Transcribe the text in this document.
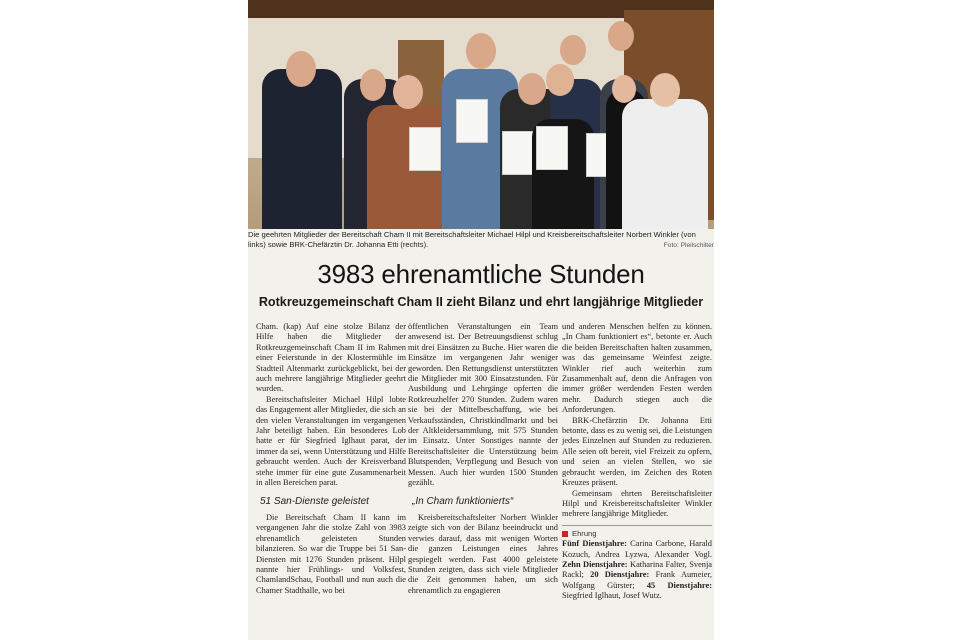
Die geehrten Mitglieder der Bereitschaft Cham II mit Bereitschaftsleiter Michael Hilpl und Kreisbereitschaftsleiter Norbert Winkler (von links) sowie BRK-Chefärztin Dr. Johanna Etti (rechts).	Foto: Pleilschilter
3983 ehrenamtliche Stunden
Rotkreuzgemeinschaft Cham II zieht Bilanz und ehrt langjährige Mitglieder

Cham. (kap) Auf eine stolze Bilanz der Hilfe haben die Mitglieder der Rotkreuzgemeinschaft Cham II im Rahmen einer Feierstunde in der Klostermühle im Stadtteil Altenmarkt zurückgeblickt, bei der auch mehrere langjährige Mitglieder geehrt wurden.

Bereitschaftsleiter Michael Hilpl lobte das Engagement aller Mitglieder, die sich an den vielen Veranstaltungen im vergangenen Jahr beteiligt haben. Ein besonderes Lob hatte er für Siegfried Iglhaut parat, der immer da sei, wenn Unterstützung und Hilfe gebraucht werden. Auch der Kreisverband stehe immer für eine gute Zusammenarbeit in allen Bereichen parat.

51 San-Dienste geleistet

Die Bereitschaft Cham II kann im vergangenen Jahr die stolze Zahl von 3983 ehrenamtlich geleisteten Stunden bilanzieren. So war die Truppe bei 51 San-Diensten mit 1276 Stunden präsent. Hilpl nannte hier Frühlings- und Volksfest, ChamlandSchau, Football und nun auch die Chamer Stadthalle, wo bei

öffentlichen Veranstaltungen ein Team anwesend ist. Der Betreuungsdienst schlug mit drei Einsätzen zu Buche. Hier waren die Einsätze im vergangenen Jahr weniger geworden. Den Rettungsdienst unterstützten die Mitglieder mit 300 Einsatzstunden. Für Ausbildung und Lehrgänge opferten die Rotkreuzhelfer 270 Stunden. Zudem waren sie bei der Mittelbeschaffung, wie bei Verkaufsständen, Christkindlmarkt und bei der Altkleidersammlung, mit 575 Stunden im Einsatz. Unter Sonstiges nannte der Bereitschaftsleiter die Unterstützung beim Blutspenden, Verpflegung und Besuch von Messen. Auch hier wurden 1500 Stunden gezählt.

„In Cham funktionierts“

Kreisbereitschaftsleiter Norbert Winkler zeigte sich von der Bilanz beeindruckt und verwies darauf, dass mit wenigen Worten die ganzen Leistungen eines Jahres gespiegelt werden. Fast 4000 geleistete Stunden zeigten, dass sich viele Mitglieder die Zeit genommen haben, um sich ehrenamtlich zu engagieren

und anderen Menschen helfen zu können. „In Cham funktioniert es“, betonte er. Auch die beiden Bereitschaften halten zusammen, was das gemeinsame Weinfest zeigte. Winkler rief auch weiterhin zum Zusammenhalt auf, denn die Anfragen von immer größer werdenden Festen werden mehr. Dadurch stiegen auch die Anforderungen.

BRK-Chefärztin Dr. Johanna Etti betonte, dass es zu wenig sei, die Leistungen jedes Einzelnen auf Stunden zu reduzieren. Alle seien oft bereit, viel Freizeit zu opfern, und seien an vielen Stellen, wo sie gebraucht werden, im Zeichen des Roten Kreuzes präsent.

Gemeinsam ehrten Bereitschaftsleiter Hilpl und Kreisbereitschaftsleiter Winkler mehrere langjährige Mitglieder.

Ehrung

Fünf Dienstjahre: Carina Carbone, Harald Kozuch, Andrea Lyzwa, Alexander Vogl. Zehn Dienstjahre: Katharina Falter, Svenja Rackl; 20 Dienstjahre: Frank Aumeier, Wolfgang Gürster; 45 Dienstjahre: Siegfried Iglhaut, Josef Wutz.
